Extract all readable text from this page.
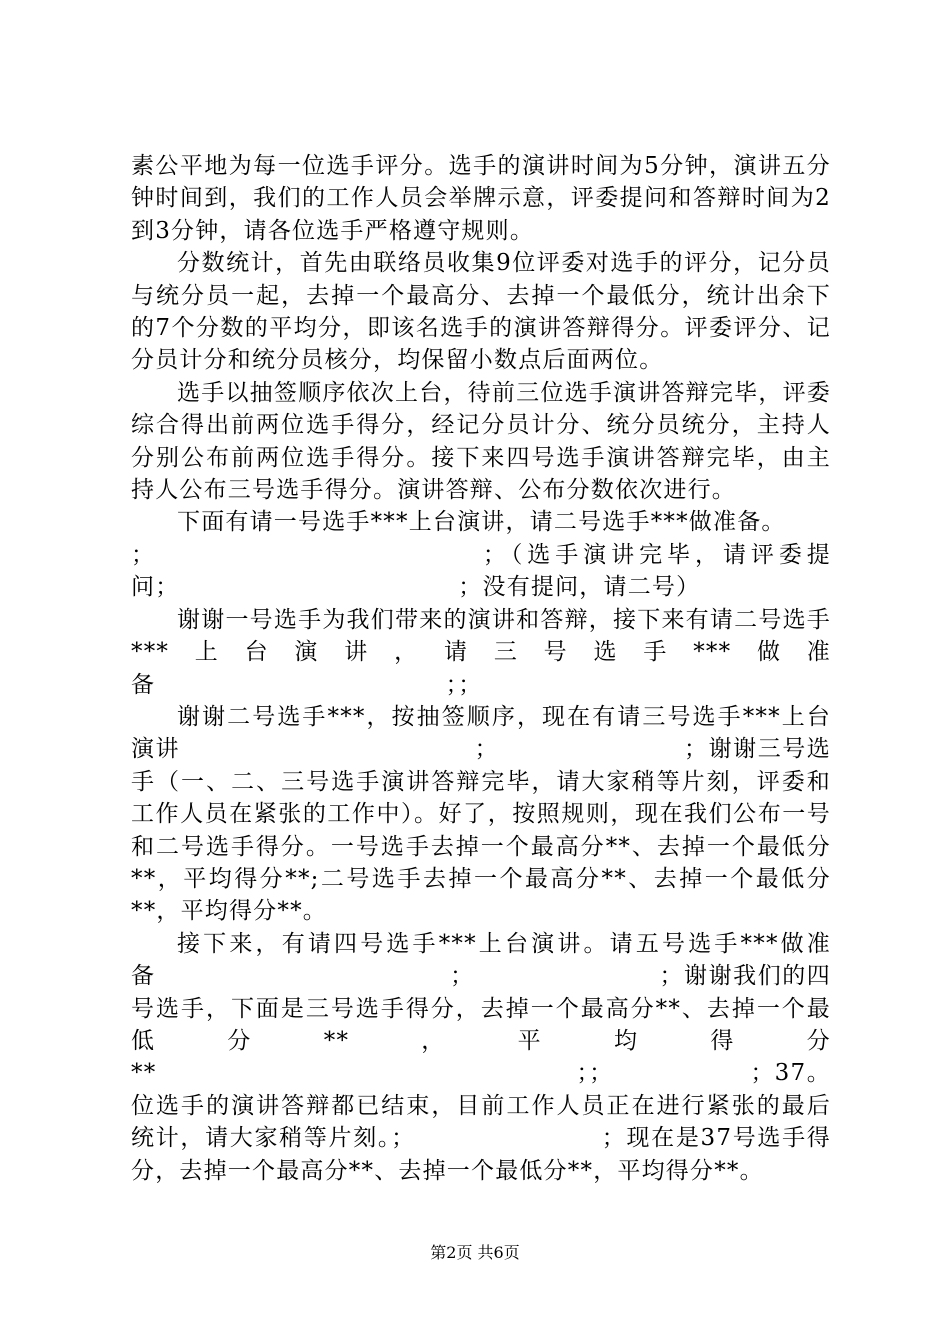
素公平地为每一位选手评分。选手的演讲时间为5分钟，演讲五分钟时间到，我们的工作人员会举牌示意，评委提问和答辩时间为2到3分钟，请各位选手严格遵守规则。

分数统计，首先由联络员收集9位评委对选手的评分，记分员与统分员一起，去掉一个最高分、去掉一个最低分，统计出余下的7个分数的平均分，即该名选手的演讲答辩得分。评委评分、记分员计分和统分员核分，均保留小数点后面两位。

选手以抽签顺序依次上台，待前三位选手演讲答辩完毕，评委综合得出前两位选手得分，经记分员计分、统分员统分，主持人分别公布前两位选手得分。接下来四号选手演讲答辩完毕，由主持人公布三号选手得分。演讲答辩、公布分数依次进行。

下面有请一号选手***上台演讲，请二号选手***做准备。

；　　　　　　　　　　　　；（选手演讲完毕，请评委提问；　　　　　　　　　　　　；没有提问，请二号）

谢谢一号选手为我们带来的演讲和答辩，接下来有请二号选手***上台演讲，请三号选手***做准备　　　　　　　　　　　　；；

谢谢二号选手***，按抽签顺序，现在有请三号选手***上台演讲　　　　　　　　　　　　；　　　　　　　　；谢谢三号选手（一、二、三号选手演讲答辩完毕，请大家稍等片刻，评委和工作人员在紧张的工作中）。好了，按照规则，现在我们公布一号和二号选手得分。一号选手去掉一个最高分**、去掉一个最低分**，平均得分**;二号选手去掉一个最高分**、去掉一个最低分**，平均得分**。

接下来，有请四号选手***上台演讲。请五号选手***做准备　　　　　　　　　　　　；　　　　　　　　；谢谢我们的四号选手，下面是三号选手得分，去掉一个最高分**、去掉一个最低分**，平均得分**　　　　　　　　　　　　　　　　　；；　　　　　　；37。位选手的演讲答辩都已结束，目前工作人员正在进行紧张的最后统计，请大家稍等片刻。；　　　　　　　　；现在是37号选手得分，去掉一个最高分**、去掉一个最低分**，平均得分**。

第2页 共6页
